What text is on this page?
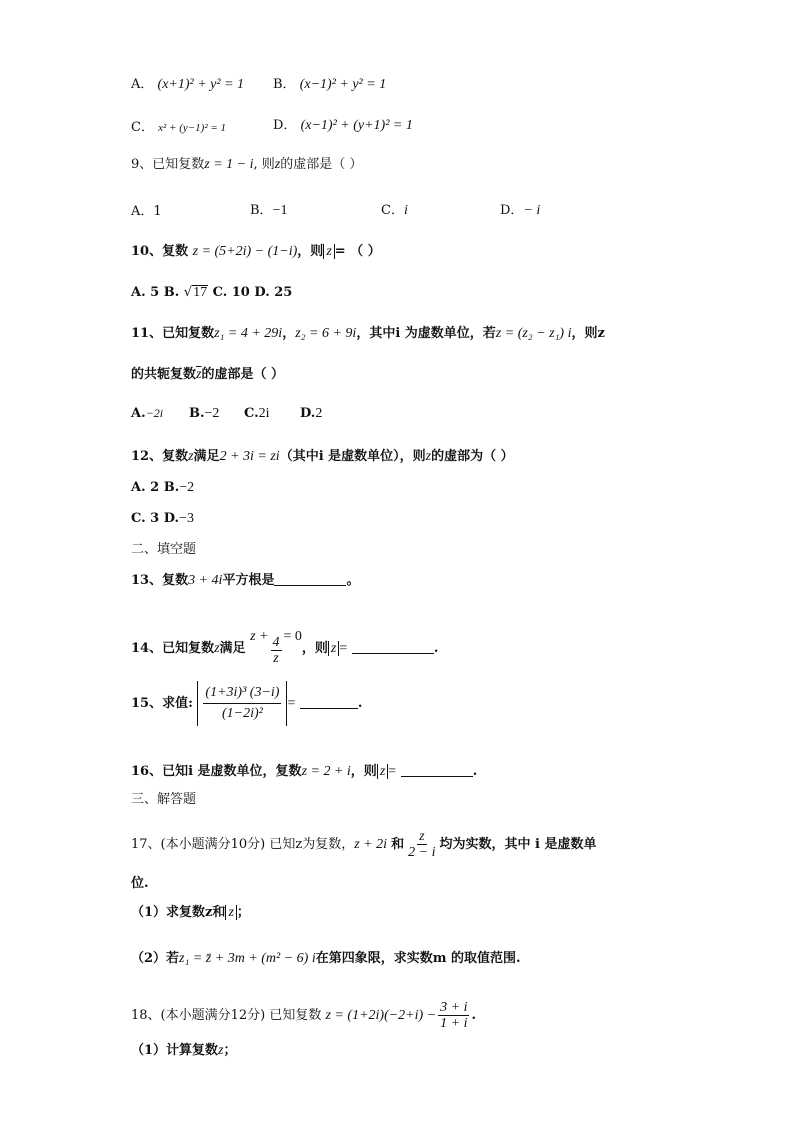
A． (x+1)² + y² = 1 B． (x−1)² + y² = 1
C． x² + (y−1)² = 1	D． (x−1)² + (y+1)² = 1
9、已知复数z = 1 − i, 则z的虚部是（ ）
A．1	B．−1	C．i	D．− i
10、复数 z = (5+2i) − (1−i)，则 z = （ ）
A. 5 B. √17 C. 10 D. 25
11、已知复数z₁ = 4 + 29i，z₂ = 6 + 9i，其中i 为虚数单位，若z = (z₂ − z₁) i，则z
的共轭复数$\overline{z}$的虚部是（ ）
A.−2i B.−2 C.2i D.2
12、复数z满足2 + 3i = zi（其中i 是虚数单位），则z的虚部为（ ）
A. 2 B.−2
C. 3 D.−3
二、填空题
13、复数3 + 4i平方根是	。
14、已知复数z满足 $z + \frac{4}{z} = 0$，则 z =	.
15、求值: $\frac{\text{(1+3i)³ (3−i)}}{\text{(1−2i)²}}$ =	.
16、已知i 是虚数单位，复数z = 2 + i，则 z =	.
三、解答题
17、(本小题满分10分) 已知z为复数，z + 2i 和 $\frac{z}{2 - i}$ 均为实数，其中 i 是虚数单
位.
（1）求复数z和 z ；
（2）若z₁ = z̄ + 3m + (m² − 6) i在第四象限，求实数m 的取值范围.
18、(本小题满分12分) 已知复数 $z = (1+2i)(-2+i) - \frac{3 + i}{1 + i}$ .
（1）计算复数z；
